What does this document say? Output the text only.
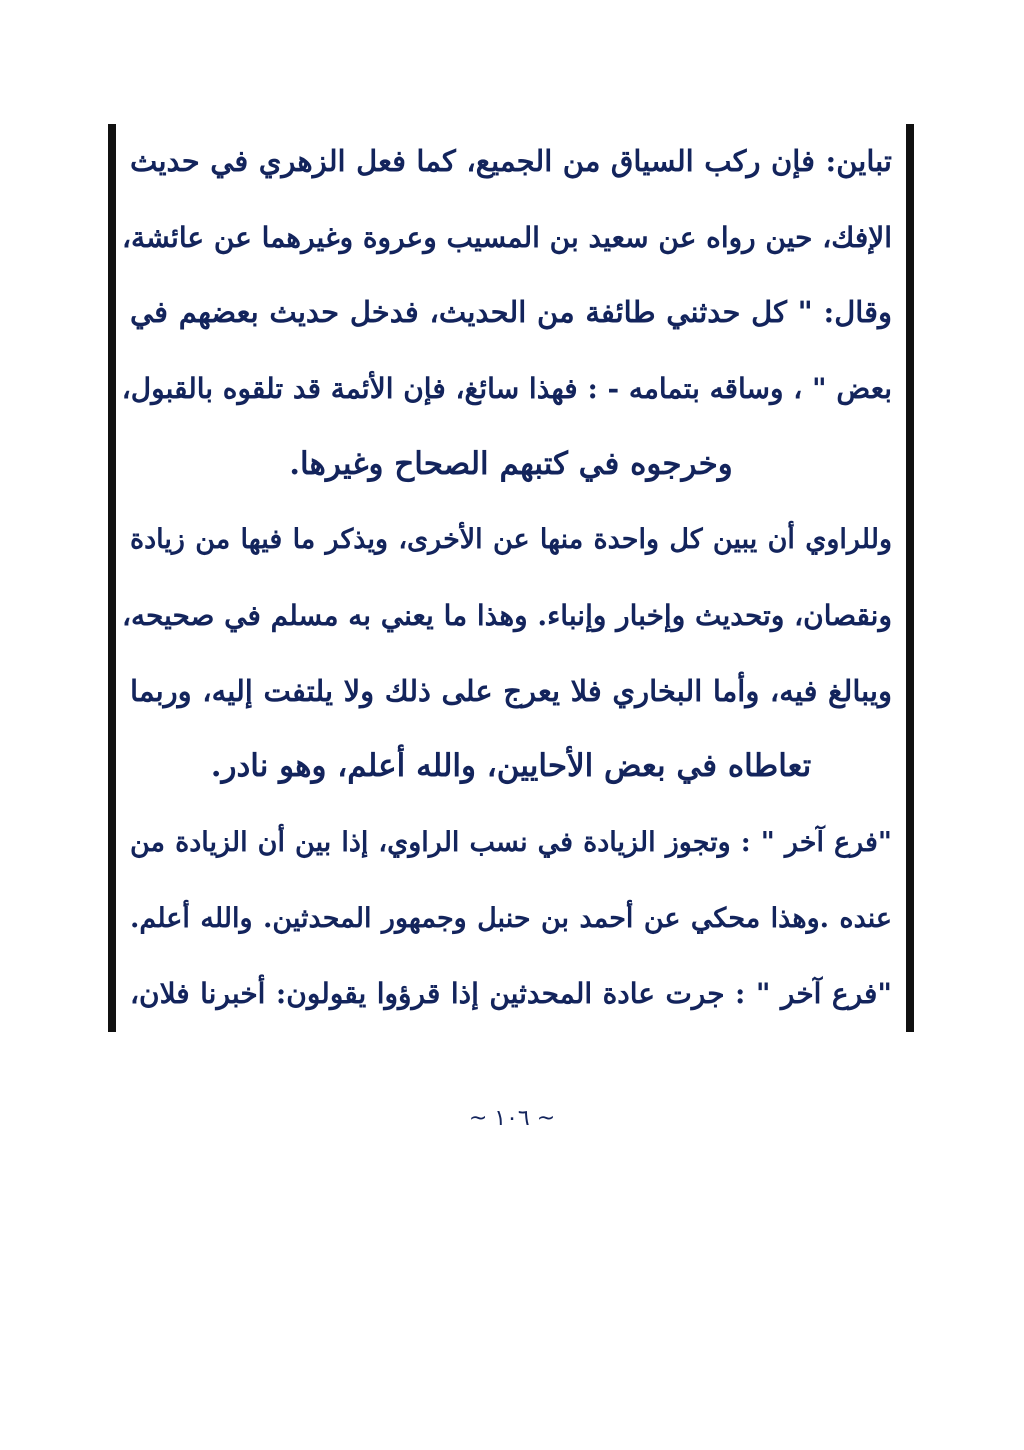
تباين: فإن ركب السياق من الجميع، كما فعل الزهري في حديث
الإفك، حين رواه عن سعيد بن المسيب وعروة وغيرهما عن عائشة،
وقال: " كل حدثني طائفة من الحديث، فدخل حديث بعضهم في
بعض " ، وساقه بتمامه - : فهذا سائغ، فإن الأئمة قد تلقوه بالقبول،
وخرجوه في كتبهم الصحاح وغيرها.
وللراوي أن يبين كل واحدة منها عن الأخرى، ويذكر ما فيها من زيادة
ونقصان، وتحديث وإخبار وإنباء. وهذا ما يعني به مسلم في صحيحه،
ويبالغ فيه، وأما البخاري فلا يعرج على ذلك ولا يلتفت إليه، وربما
تعاطاه في بعض الأحايين، والله أعلم، وهو نادر.
"فرع آخر " : وتجوز الزيادة في نسب الراوي، إذا بين أن الزيادة من
عنده .وهذا محكي عن أحمد بن حنبل وجمهور المحدثين. والله أعلم.
"فرع آخر " : جرت عادة المحدثين إذا قرؤوا يقولون: أخبرنا فلان،
~ ١٠٦ ~
